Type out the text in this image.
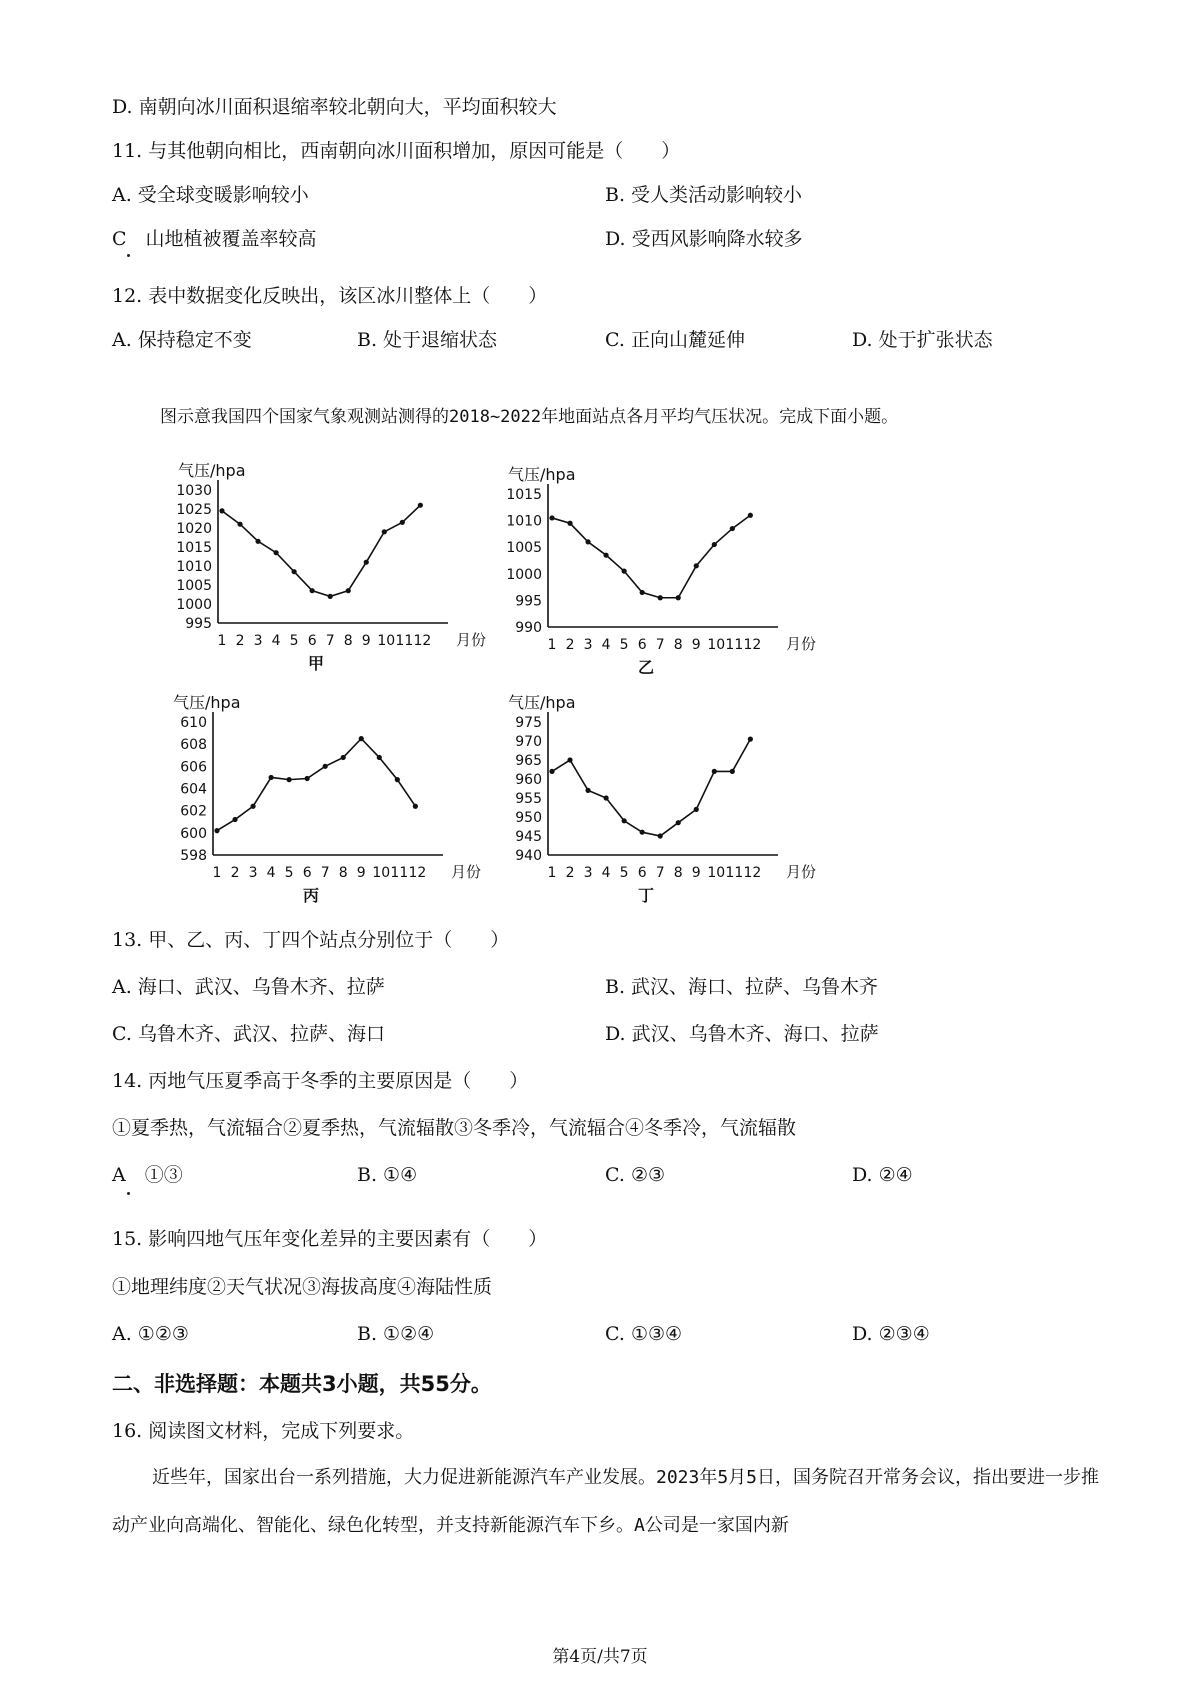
D. 南朝向冰川面积退缩率较北朝向大，平均面积较大
11. 与其他朝向相比，西南朝向冰川面积增加，原因可能是（　　）
A. 受全球变暖影响较小	B. 受人类活动影响较小
C　山地植被覆盖率较高	D. 受西风影响降水较多
12. 表中数据变化反映出，该区冰川整体上（　　）
A. 保持稳定不变	B. 处于退缩状态	C. 正向山麓延伸	D. 处于扩张状态
图示意我国四个国家气象观测站测得的2018~2022年地面站点各月平均气压状况。完成下面小题。
气压/hpa
995
1000
1005
1010
1015
1020
1025
1030
1 2 3 4 5 6 7 8 9 10 11 12 月份
甲
气压/hpa
990
995
1000
1005
1010
1015
1 2 3 4 5 6 7 8 9 10 11 12 月份
乙
气压/hpa
598
600
602
604
606
608
610
1 2 3 4 5 6 7 8 9 10 11 12 月份
丙
气压/hpa
940
945
950
955
960
965
970
975
1 2 3 4 5 6 7 8 9 10 11 12 月份
丁
13. 甲、乙、丙、丁四个站点分别位于（　　）
A. 海口、武汉、乌鲁木齐、拉萨	B. 武汉、海口、拉萨、乌鲁木齐
C. 乌鲁木齐、武汉、拉萨、海口	D. 武汉、乌鲁木齐、海口、拉萨
14. 丙地气压夏季高于冬季的主要原因是（　　）
①夏季热，气流辐合②夏季热，气流辐散③冬季冷，气流辐合④冬季冷，气流辐散
A　①③	B. ①④	C. ②③	D. ②④
15. 影响四地气压年变化差异的主要因素有（　　）
①地理纬度②天气状况③海拔高度④海陆性质
A. ①②③	B. ①②④	C. ①③④	D. ②③④
二、非选择题：本题共3小题，共55分。
16. 阅读图文材料，完成下列要求。
近些年，国家出台一系列措施，大力促进新能源汽车产业发展。2023年5月5日，国务院召开常务会议，指出要进一步推动产业向高端化、智能化、绿色化转型，并支持新能源汽车下乡。A公司是一家国内新
第4页/共7页
